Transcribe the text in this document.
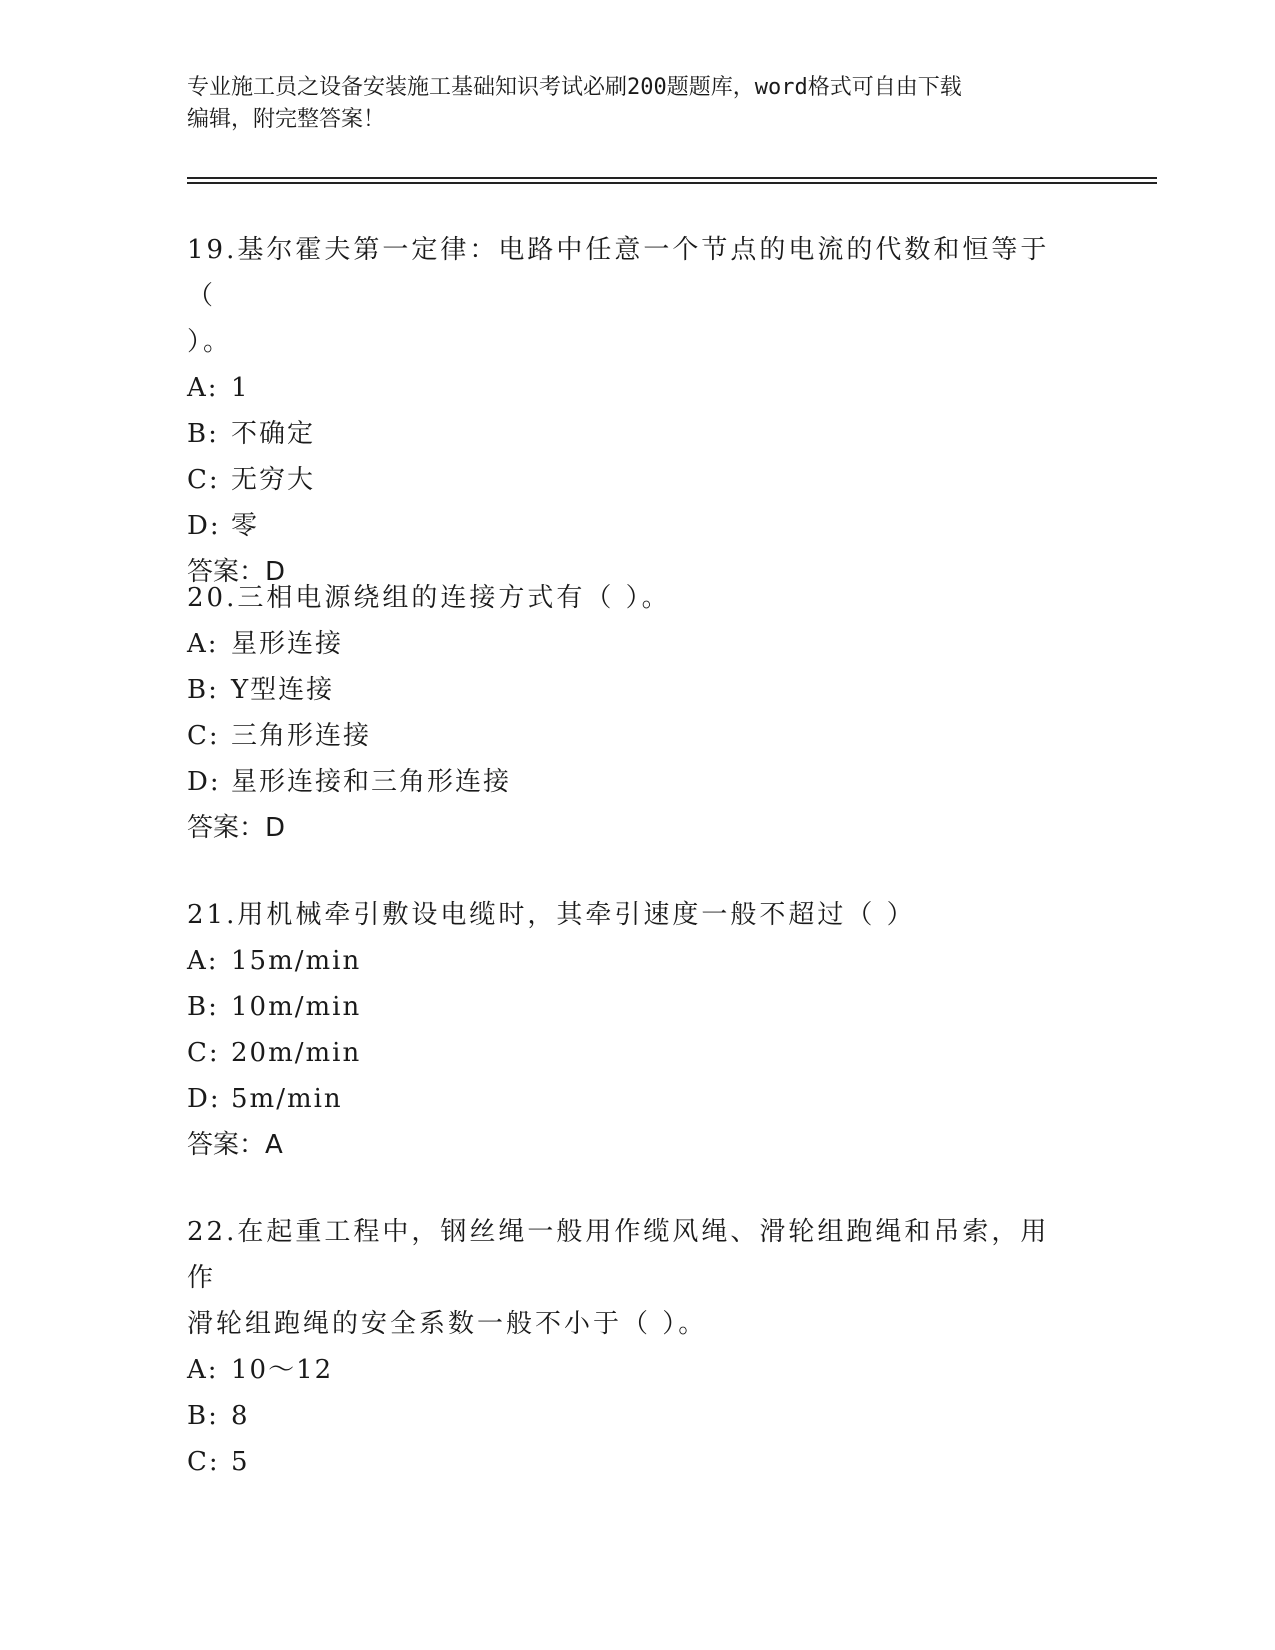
专业施工员之设备安装施工基础知识考试必刷200题题库，word格式可自由下载
编辑，附完整答案！
19.基尔霍夫第一定律：电路中任意一个节点的电流的代数和恒等于（
）。
A: 1
B: 不确定
C: 无穷大
D: 零
答案：D
20.三相电源绕组的连接方式有（ ）。
A: 星形连接
B: Y型连接
C: 三角形连接
D: 星形连接和三角形连接
答案：D
21.用机械牵引敷设电缆时，其牵引速度一般不超过（ ）
A: 15m/min
B: 10m/min
C: 20m/min
D: 5m/min
答案：A
22.在起重工程中，钢丝绳一般用作缆风绳、滑轮组跑绳和吊索，用作
滑轮组跑绳的安全系数一般不小于（ ）。
A: 10～12
B: 8
C: 5
